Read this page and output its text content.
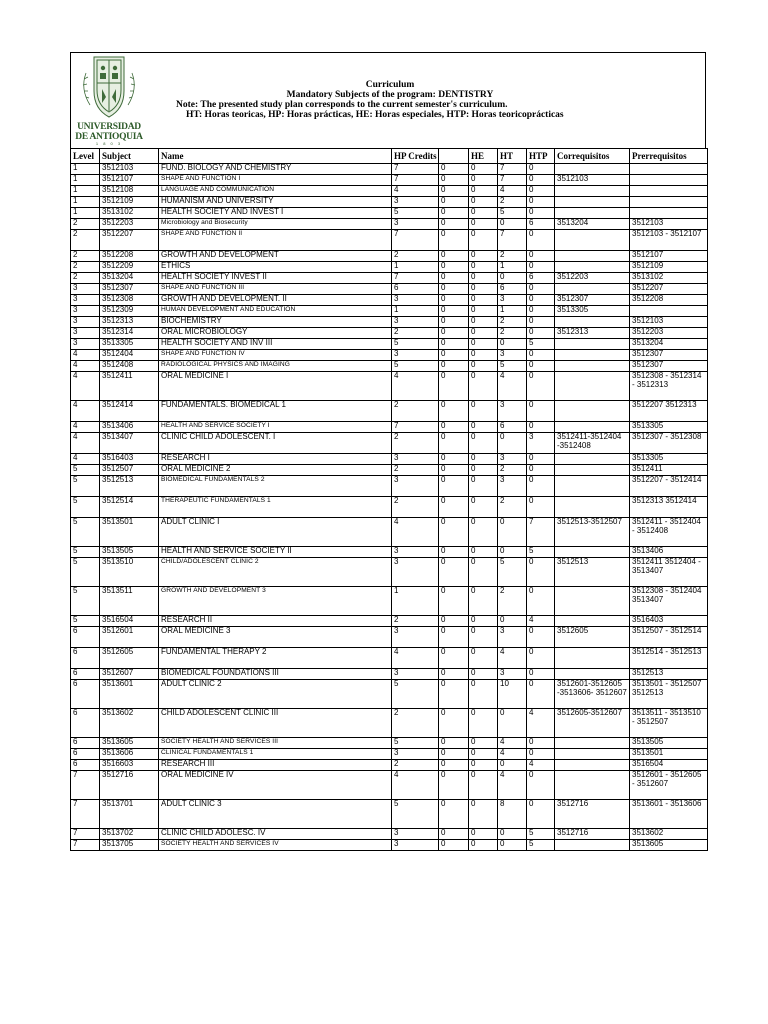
UNIVERSIDAD
DE ANTIOQUIA
1 8 0 3
Curriculum
Mandatory Subjects of the program: DENTISTRY
Note: The presented study plan corresponds to the current semester's curriculum.
HT: Horas teoricas, HP: Horas prácticas, HE: Horas especiales, HTP: Horas teoricoprácticas
Level	Subject	Name	HP Credits		HE	HT	HTP	Correquisitos	Prerrequisitos
1	3512103	FUND. BIOLOGY AND CHEMISTRY	7	0	0	7	0		
1	3512107	SHAPE AND FUNCTION I	7	0	0	7	0	3512103	
1	3512108	LANGUAGE AND COMMUNICATION	4	0	0	4	0		
1	3512109	HUMANISM AND UNIVERSITY	3	0	0	2	0		
1	3513102	HEALTH SOCIETY AND INVEST I	5	0	0	5	0		
2	3512203	Microbiology and Biosecurity	3	0	0	0	6	3513204	3512103
2	3512207	SHAPE AND FUNCTION II	7	0	0	7	0		3512103 - 3512107
2	3512208	GROWTH AND DEVELOPMENT	2	0	0	2	0		3512107
2	3512209	ETHICS	1	0	0	1	0		3512109
2	3513204	HEALTH SOCIETY INVEST II	7	0	0	0	6	3512203	3513102
3	3512307	SHAPE AND FUNCTION III	6	0	0	6	0		3512207
3	3512308	GROWTH AND DEVELOPMENT. II	3	0	0	3	0	3512307	3512208
3	3512309	HUMAN DEVELOPMENT AND EDUCATION	1	0	0	1	0	3513305	
3	3512313	BIOCHEMISTRY	3	0	0	2	0		3512103
3	3512314	ORAL MICROBIOLOGY	2	0	0	2	0	3512313	3512203
3	3513305	HEALTH SOCIETY AND INV III	5	0	0	0	5		3513204
4	3512404	SHAPE AND FUNCTION IV	3	0	0	3	0		3512307
4	3512408	RADIOLOGICAL PHYSICS AND IMAGING	5	0	0	5	0		3512307
4	3512411	ORAL MEDICINE I	4	0	0	4	0		3512308 - 3512314 - 3512313
4	3512414	FUNDAMENTALS. BIOMEDICAL 1	2	0	0	3	0		3512207 3512313
4	3513406	HEALTH AND SERVICE SOCIETY I	7	0	0	6	0		3513305
4	3513407	CLINIC CHILD ADOLESCENT. I	2	0	0	0	3	3512411-3512404 -3512408	3512307 - 3512308
4	3516403	RESEARCH I	3	0	0	3	0		3513305
5	3512507	ORAL MEDICINE 2	2	0	0	2	0		3512411
5	3512513	BIOMEDICAL FUNDAMENTALS 2	3	0	0	3	0		3512207 - 3512414
5	3512514	THERAPEUTIC FUNDAMENTALS 1	2	0	0	2	0		3512313 3512414
5	3513501	ADULT CLINIC I	4	0	0	0	7	3512513-3512507	3512411 - 3512404 - 3512408
5	3513505	HEALTH AND SERVICE SOCIETY II	3	0	0	0	5		3513406
5	3513510	CHILD/ADOLESCENT CLINIC 2	3	0	0	5	0	3512513	3512411 3512404 - 3513407
5	3513511	GROWTH AND DEVELOPMENT 3	1	0	0	2	0		3512308 - 3512404 3513407
5	3516504	RESEARCH II	2	0	0	0	4		3516403
6	3512601	ORAL MEDICINE 3	3	0	0	3	0	3512605	3512507 - 3512514
6	3512605	FUNDAMENTAL THERAPY 2	4	0	0	4	0		3512514 - 3512513
6	3512607	BIOMEDICAL FOUNDATIONS III	3	0	0	3	0		3512513
6	3513601	ADULT CLINIC 2	5	0	0	10	0	3512601-3512605 -3513606- 3512607	3513501 - 3512507 3512513
6	3513602	CHILD ADOLESCENT CLINIC III	2	0	0	0	4	3512605-3512607	3513511 - 3513510 - 3512507
6	3513605	SOCIETY HEALTH AND SERVICES III	5	0	0	4	0		3513505
6	3513606	CLINICAL FUNDAMENTALS 1	3	0	0	4	0		3513501
6	3516603	RESEARCH III	2	0	0	0	4		3516504
7	3512716	ORAL MEDICINE IV	4	0	0	4	0		3512601 - 3512605 - 3512607
7	3513701	ADULT CLINIC 3	5	0	0	8	0	3512716	3513601 - 3513606
7	3513702	CLINIC CHILD ADOLESC. IV	3	0	0	0	5	3512716	3513602
7	3513705	SOCIETY HEALTH AND SERVICES IV	3	0	0	0	5		3513605
